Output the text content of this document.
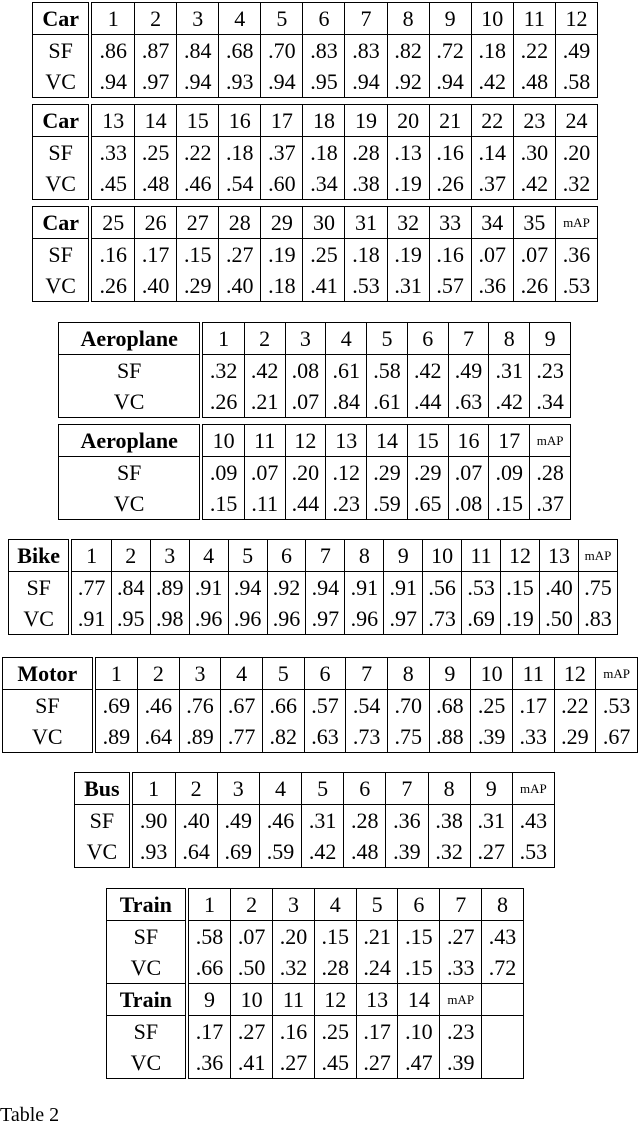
Car	1	2	3	4	5	6	7	8	9	10	11	12
SF	.86	.87	.84	.68	.70	.83	.83	.82	.72	.18	.22	.49
VC	.94	.97	.94	.93	.94	.95	.94	.92	.94	.42	.48	.58
Car	13	14	15	16	17	18	19	20	21	22	23	24
SF	.33	.25	.22	.18	.37	.18	.28	.13	.16	.14	.30	.20
VC	.45	.48	.46	.54	.60	.34	.38	.19	.26	.37	.42	.32
Car	25	26	27	28	29	30	31	32	33	34	35	mAP
SF	.16	.17	.15	.27	.19	.25	.18	.19	.16	.07	.07	.36
VC	.26	.40	.29	.40	.18	.41	.53	.31	.57	.36	.26	.53
Aeroplane	1	2	3	4	5	6	7	8	9
SF	.32	.42	.08	.61	.58	.42	.49	.31	.23
VC	.26	.21	.07	.84	.61	.44	.63	.42	.34
Aeroplane	10	11	12	13	14	15	16	17	mAP
SF	.09	.07	.20	.12	.29	.29	.07	.09	.28
VC	.15	.11	.44	.23	.59	.65	.08	.15	.37
Bike	1	2	3	4	5	6	7	8	9	10	11	12	13	mAP
SF	.77	.84	.89	.91	.94	.92	.94	.91	.91	.56	.53	.15	.40	.75
VC	.91	.95	.98	.96	.96	.96	.97	.96	.97	.73	.69	.19	.50	.83
Motor	1	2	3	4	5	6	7	8	9	10	11	12	mAP
SF	.69	.46	.76	.67	.66	.57	.54	.70	.68	.25	.17	.22	.53
VC	.89	.64	.89	.77	.82	.63	.73	.75	.88	.39	.33	.29	.67
Bus	1	2	3	4	5	6	7	8	9	mAP
SF	.90	.40	.49	.46	.31	.28	.36	.38	.31	.43
VC	.93	.64	.69	.59	.42	.48	.39	.32	.27	.53
Train	1	2	3	4	5	6	7	8
SF	.58	.07	.20	.15	.21	.15	.27	.43
VC	.66	.50	.32	.28	.24	.15	.33	.72
Train	9	10	11	12	13	14	mAP	
SF	.17	.27	.16	.25	.17	.10	.23	
VC	.36	.41	.27	.45	.27	.47	.39	
Table 2
